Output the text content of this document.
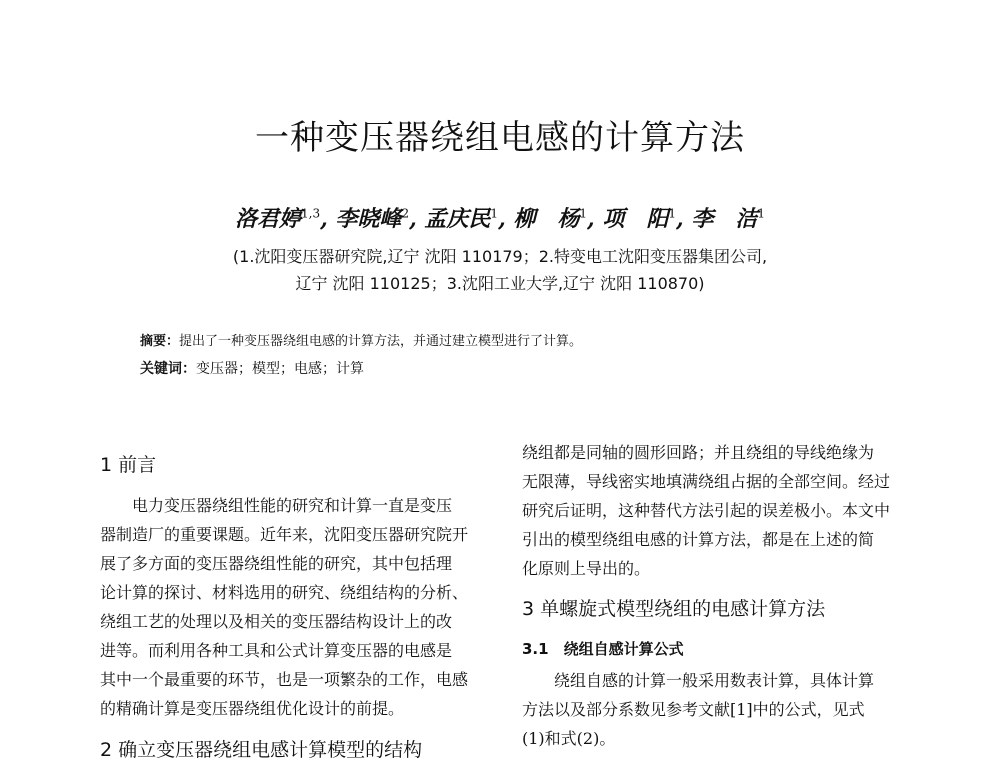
一种变压器绕组电感的计算方法
洛君婷$^{1,3}$, 李晓峰$^2$, 孟庆民$^1$, 柳　杨$^1$, 项　阳$^1$, 李　洁$^1$
(1.沈阳变压器研究院,辽宁 沈阳 110179；2.特变电工沈阳变压器集团公司,
辽宁 沈阳 110125；3.沈阳工业大学,辽宁 沈阳 110870)
摘要：提出了一种变压器绕组电感的计算方法，并通过建立模型进行了计算。
关键词：变压器；模型；电感；计算
1 前言
　　电力变压器绕组性能的研究和计算一直是变压
器制造厂的重要课题。近年来，沈阳变压器研究院开
展了多方面的变压器绕组性能的研究，其中包括理
论计算的探讨、材料选用的研究、绕组结构的分析、
绕组工艺的处理以及相关的变压器结构设计上的改
进等。而利用各种工具和公式计算变压器的电感是
其中一个最重要的环节，也是一项繁杂的工作，电感
的精确计算是变压器绕组优化设计的前提。
2 确立变压器绕组电感计算模型的结构
绕组都是同轴的圆形回路；并且绕组的导线绝缘为
无限薄，导线密实地填满绕组占据的全部空间。经过
研究后证明，这种替代方法引起的误差极小。本文中
引出的模型绕组电感的计算方法，都是在上述的简
化原则上导出的。
3 单螺旋式模型绕组的电感计算方法
3.1　绕组自感计算公式
　　绕组自感的计算一般采用数表计算，具体计算
方法以及部分系数见参考文献[1]中的公式，见式
(1)和式(2)。
